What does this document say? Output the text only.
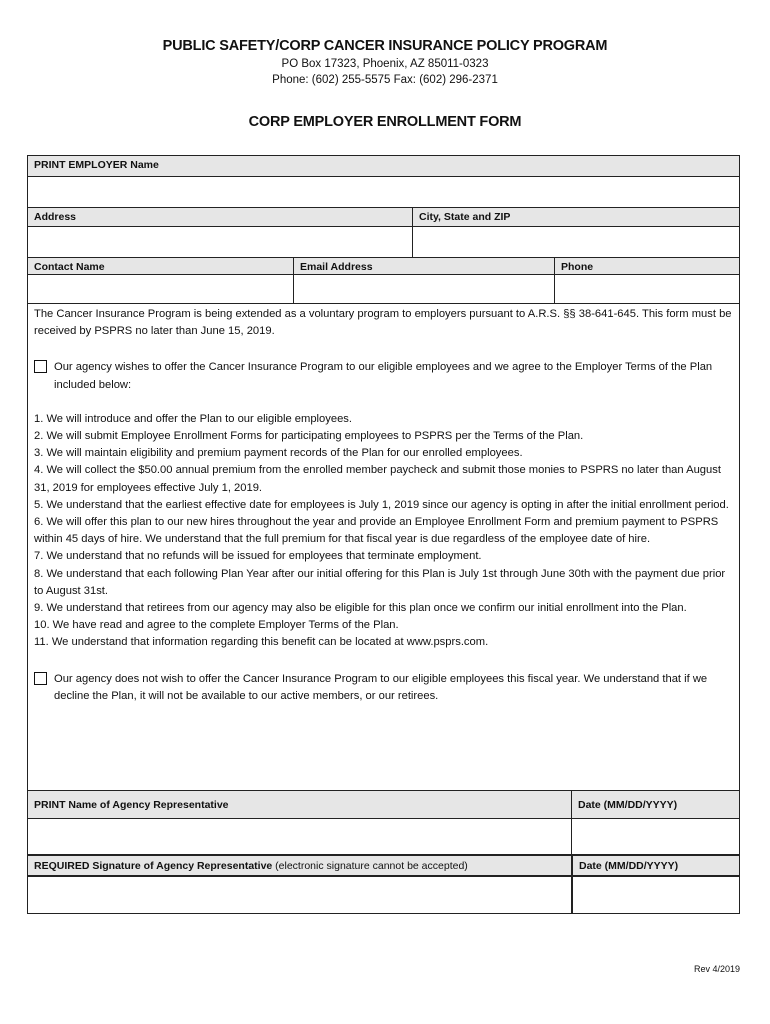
PUBLIC SAFETY/CORP CANCER INSURANCE POLICY PROGRAM
PO Box 17323, Phoenix, AZ 85011-0323
Phone: (602) 255-5575 Fax: (602) 296-2371
CORP EMPLOYER ENROLLMENT FORM
PRINT EMPLOYER Name
Address	City, State and ZIP
Contact Name	Email Address	Phone

The Cancer Insurance Program is being extended as a voluntary program to employers pursuant to A.R.S. §§ 38-641-645. This form must be received by PSPRS no later than June 15, 2019.

Our agency wishes to offer the Cancer Insurance Program to our eligible employees and we agree to the Employer Terms of the Plan included below:
1. We will introduce and offer the Plan to our eligible employees.
2. We will submit Employee Enrollment Forms for participating employees to PSPRS per the Terms of the Plan.
3. We will maintain eligibility and premium payment records of the Plan for our enrolled employees.
4. We will collect the $50.00 annual premium from the enrolled member paycheck and submit those monies to PSPRS no later than August 31, 2019 for employees effective July 1, 2019.
5. We understand that the earliest effective date for employees is July 1, 2019 since our agency is opting in after the initial enrollment period.
6. We will offer this plan to our new hires throughout the year and provide an Employee Enrollment Form and premium payment to PSPRS within 45 days of hire. We understand that the full premium for that fiscal year is due regardless of the employee date of hire.
7. We understand that no refunds will be issued for employees that terminate employment.
8. We understand that each following Plan Year after our initial offering for this Plan is July 1st through June 30th with the payment due prior to August 31st.
9. We understand that retirees from our agency may also be eligible for this plan once we confirm our initial enrollment into the Plan.
10. We have read and agree to the complete Employer Terms of the Plan.
11. We understand that information regarding this benefit can be located at www.psprs.com.
Our agency does not wish to offer the Cancer Insurance Program to our eligible employees this fiscal year. We understand that if we decline the Plan, it will not be available to our active members, or our retirees.
PRINT Name of Agency Representative	Date (MM/DD/YYYY)
REQUIRED Signature of Agency Representative (electronic signature cannot be accepted)	Date (MM/DD/YYYY)
Rev 4/2019
